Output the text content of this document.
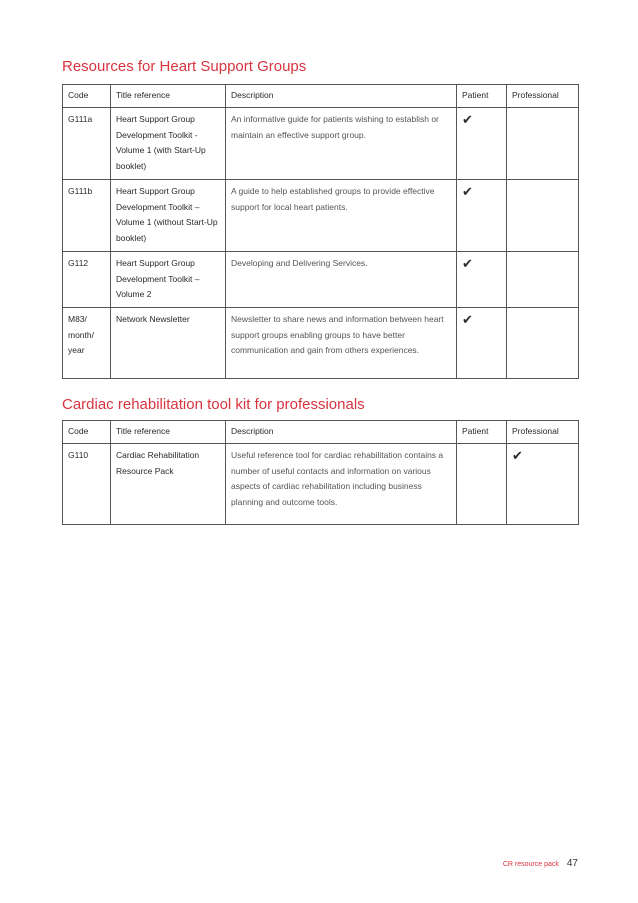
Resources for Heart Support Groups
Code	Title reference	Description	Patient	Professional
G111a	Heart Support Group Development Toolkit - Volume 1 (with Start-Up booklet)	An informative guide for patients wishing to establish or maintain an effective support group.	✔	
G111b	Heart Support Group Development Toolkit – Volume 1 (without Start-Up booklet)	A guide to help established groups to provide effective support for local heart patients.	✔	
G112	Heart Support Group Development Toolkit – Volume 2	Developing and Delivering Services.	✔	
M83/ month/ year	Network Newsletter	Newsletter to share news and information between heart support groups enabling groups to have better communication and gain from others experiences.	✔	
Cardiac rehabilitation tool kit for professionals
Code	Title reference	Description	Patient	Professional
G110	Cardiac Rehabilitation Resource Pack	Useful reference tool for cardiac rehabilitation contains a number of useful contacts and information on various aspects of cardiac rehabilitation including business planning and outcome tools.		✔
CR resource pack 47
